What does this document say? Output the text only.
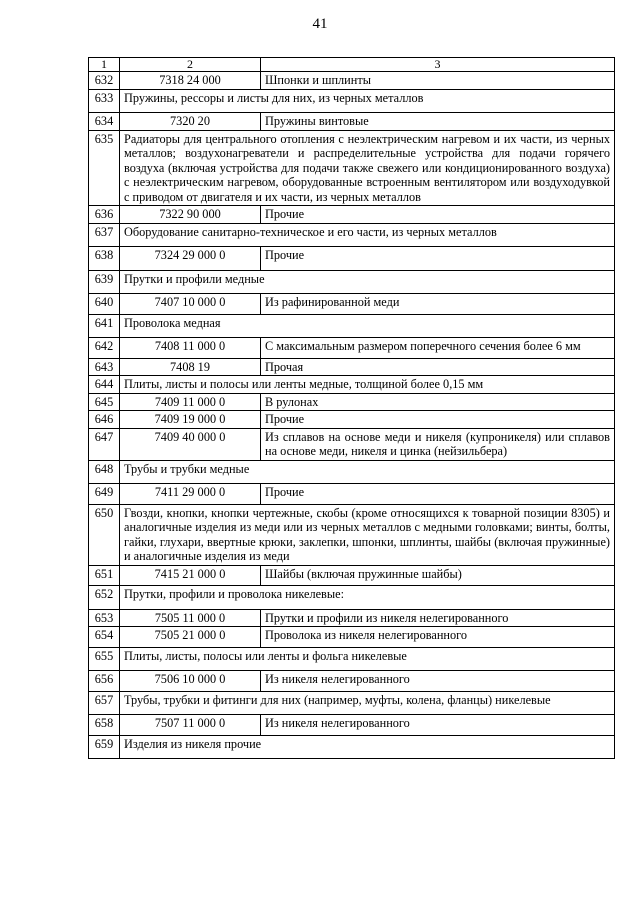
41
1	2	3
632	7318 24 000	Шпонки и шплинты
633	Пружины, рессоры и листы для них, из черных металлов	
634	7320 20	Пружины винтовые
635	Радиаторы для центрального отопления с неэлектрическим нагревом и их части, из черных металлов; воздухонагреватели и распределительные устройства для подачи горячего воздуха (включая устройства для подачи также свежего или кондиционированного воздуха) с неэлектрическим нагревом, оборудованные встроенным вентилятором или воздуходувкой с приводом от двигателя и их части, из черных металлов	
636	7322 90 000	Прочие
637	Оборудование санитарно-техническое и его части, из черных металлов	
638	7324 29 000 0	Прочие
639	Прутки и профили медные	
640	7407 10 000 0	Из рафинированной меди
641	Проволока медная	
642	7408 11 000 0	С максимальным размером поперечного сечения более 6 мм
643	7408 19	Прочая
644	Плиты, листы и полосы или ленты медные, толщиной более 0,15 мм	
645	7409 11 000 0	В рулонах
646	7409 19 000 0	Прочие
647	7409 40 000 0	Из сплавов на основе меди и никеля (купроникеля) или сплавов на основе меди, никеля и цинка (нейзильбера)
648	Трубы и трубки медные	
649	7411 29 000 0	Прочие
650	Гвозди, кнопки, кнопки чертежные, скобы (кроме относящихся к товарной позиции 8305) и аналогичные изделия из меди или из черных металлов с медными головками; винты, болты, гайки, глухари, ввертные крюки, заклепки, шпонки, шплинты, шайбы (включая пружинные) и аналогичные изделия из меди	
651	7415 21 000 0	Шайбы (включая пружинные шайбы)
652	Прутки, профили и проволока никелевые:	
653	7505 11 000 0	Прутки и профили из никеля нелегированного
654	7505 21 000 0	Проволока из никеля нелегированного
655	Плиты, листы, полосы или ленты и фольга никелевые	
656	7506 10 000 0	Из никеля нелегированного
657	Трубы, трубки и фитинги для них (например, муфты, колена, фланцы) никелевые	
658	7507 11 000 0	Из никеля нелегированного
659	Изделия из никеля прочие	
